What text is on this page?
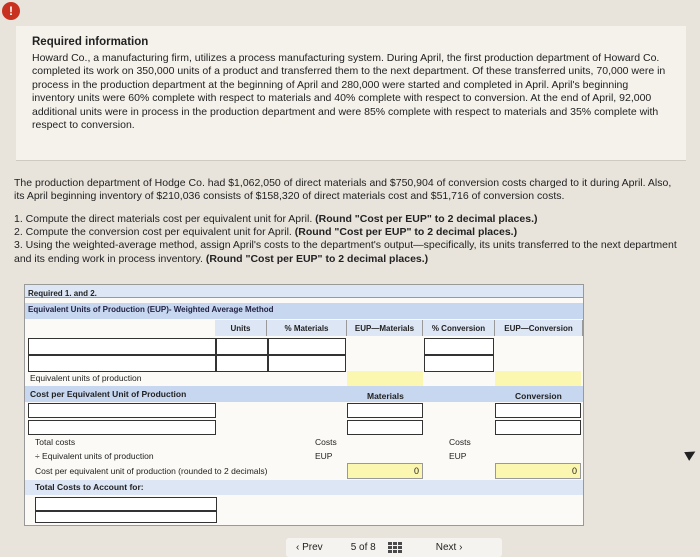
!
Required information
Howard Co., a manufacturing firm, utilizes a process manufacturing system. During April, the first production department of Howard Co. completed its work on 350,000 units of a product and transferred them to the next department. Of these transferred units, 70,000 were in process in the production department at the beginning of April and 280,000 were started and completed in April. April's beginning inventory units were 60% complete with respect to materials and 40% complete with respect to conversion. At the end of April, 92,000 additional units were in process in the production department and were 85% complete with respect to materials and 35% complete with respect to conversion.
The production department of Hodge Co. had $1,062,050 of direct materials and $750,904 of conversion costs charged to it during April. Also, its April beginning inventory of $210,036 consists of $158,320 of direct materials cost and $51,716 of conversion costs.
1. Compute the direct materials cost per equivalent unit for April. (Round "Cost per EUP" to 2 decimal places.)
2. Compute the conversion cost per equivalent unit for April. (Round "Cost per EUP" to 2 decimal places.)
3. Using the weighted-average method, assign April's costs to the department's output—specifically, its units transferred to the next department and its ending work in process inventory. (Round "Cost per EUP" to 2 decimal places.)
Required 1. and 2.
Equivalent Units of Production (EUP)- Weighted Average Method
Units	% Materials	EUP—Materials	% Conversion	EUP—Conversion
Equivalent units of production
Cost per Equivalent Unit of Production	Materials	Conversion
Total costs	Costs	Costs
÷ Equivalent units of production	EUP	EUP
Cost per equivalent unit of production (rounded to 2 decimals)	0	0
Total Costs to Account for:
‹
Prev	5 of 8	Next
›
